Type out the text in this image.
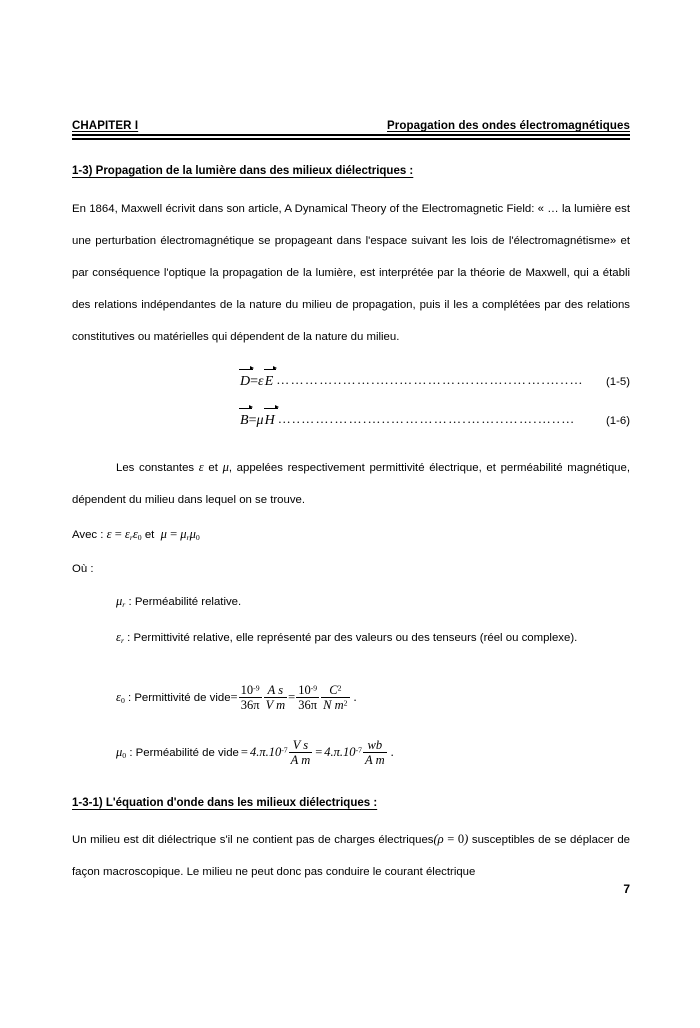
CHAPITER I	Propagation des ondes électromagnétiques
1-3) Propagation de la lumière dans des milieux diélectriques :

En 1864, Maxwell écrivit dans son article, A Dynamical Theory of the Electromagnetic Field: « … la lumière est une perturbation électromagnétique se propageant dans l'espace suivant les lois de l'électromagnétisme» et par conséquence l'optique la propagation de la lumière, est interprétée par la théorie de Maxwell, qui a établi des relations indépendantes de la nature du milieu de propagation, puis il les a complétées par des relations constitutives ou matérielles qui dépendent de la nature du milieu.

D=ε E …………..…….…..…………….……..…….…..…	(1-5)
B=μ H …..…….…….…..…………….……..…….…..…	(1-6)

Les constantes ε et μ, appelées respectivement permittivité électrique, et perméabilité magnétique, dépendent du milieu dans lequel on se trouve.

Avec : $\varepsilon = \varepsilon_r\varepsilon_0$ et $\mu = \mu_r\mu_0$

Où :

$\mu_r$ : Perméabilité relative.

$\varepsilon_r$ : Permittivité relative, elle représenté par des valeurs ou des tenseurs (réel ou complexe).

$\varepsilon_0$ : Permittivité de vide = $\frac{10^{-9}}{36\pi} \frac{\text{A s}}{\text{V m}} = \frac{10^{-9}}{36\pi} \frac{C^2}{N m^2}$ .
$\mu_0$ : Perméabilité de vide = $4.\pi.10^{-7} \frac{\text{V s}}{\text{A m}} = 4.\pi.10^{-7} \frac{wb}{\text{A m}}$ .
1-3-1) L'équation d'onde dans les milieux diélectriques :

Un milieu est dit diélectrique s'il ne contient pas de charges électriques(ρ = 0) susceptibles de se déplacer de façon macroscopique. Le milieu ne peut donc pas conduire le courant électrique

7
